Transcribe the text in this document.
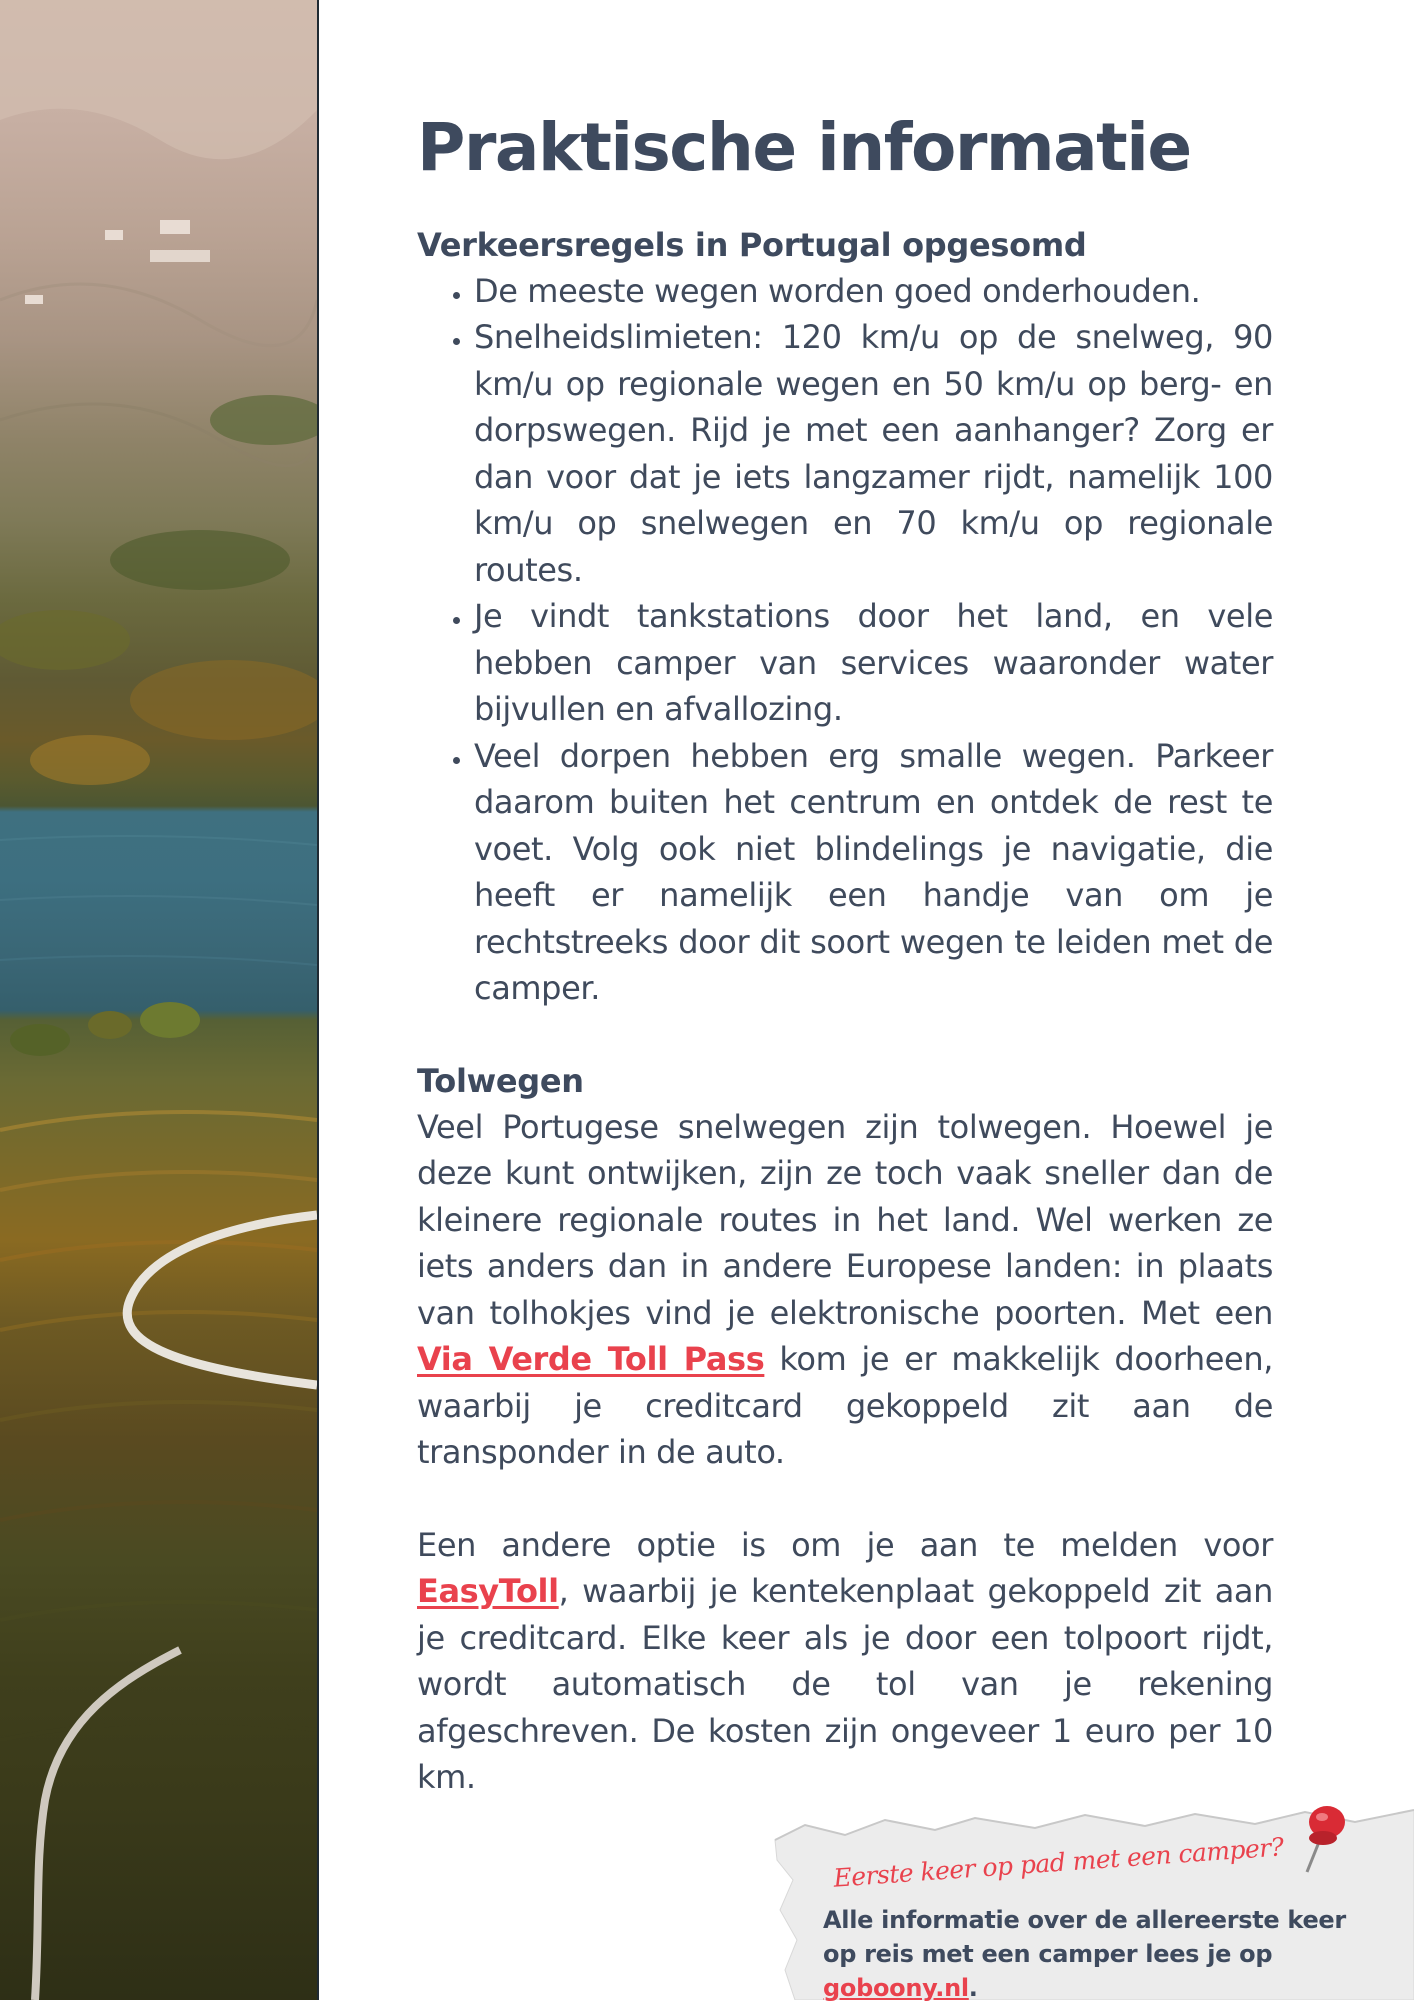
Praktische informatie
Verkeersregels in Portugal opgesomd
• De meeste wegen worden goed onderhouden.
• Snelheidslimieten: 120 km/u op de snelweg, 90 km/u op regionale wegen en 50 km/u op berg- en dorpswegen. Rijd je met een aanhanger? Zorg er dan voor dat je iets langzamer rijdt, namelijk 100 km/u op snelwegen en 70 km/u op regionale routes.
• Je vindt tankstations door het land, en vele hebben camper van services waaronder water bijvullen en afvallozing.
• Veel dorpen hebben erg smalle wegen. Parkeer daarom buiten het centrum en ontdek de rest te voet. Volg ook niet blindelings je navigatie, die heeft er namelijk een handje van om je rechtstreeks door dit soort wegen te leiden met de camper.
Tolwegen

Veel Portugese snelwegen zijn tolwegen. Hoewel je deze kunt ontwijken, zijn ze toch vaak sneller dan de kleinere regionale routes in het land. Wel werken ze iets anders dan in andere Europese landen: in plaats van tolhokjes vind je elektronische poorten. Met een Via Verde Toll Pass kom je er makkelijk doorheen, waarbij je creditcard gekoppeld zit aan de transponder in de auto.

Een andere optie is om je aan te melden voor EasyToll, waarbij je kentekenplaat gekoppeld zit aan je creditcard. Elke keer als je door een tolpoort rijdt, wordt automatisch de tol van je rekening afgeschreven. De kosten zijn ongeveer 1 euro per 10 km.

Eerste keer op pad met een camper?
Alle informatie over de allereerste keer op reis met een camper lees je op goboony.nl.
